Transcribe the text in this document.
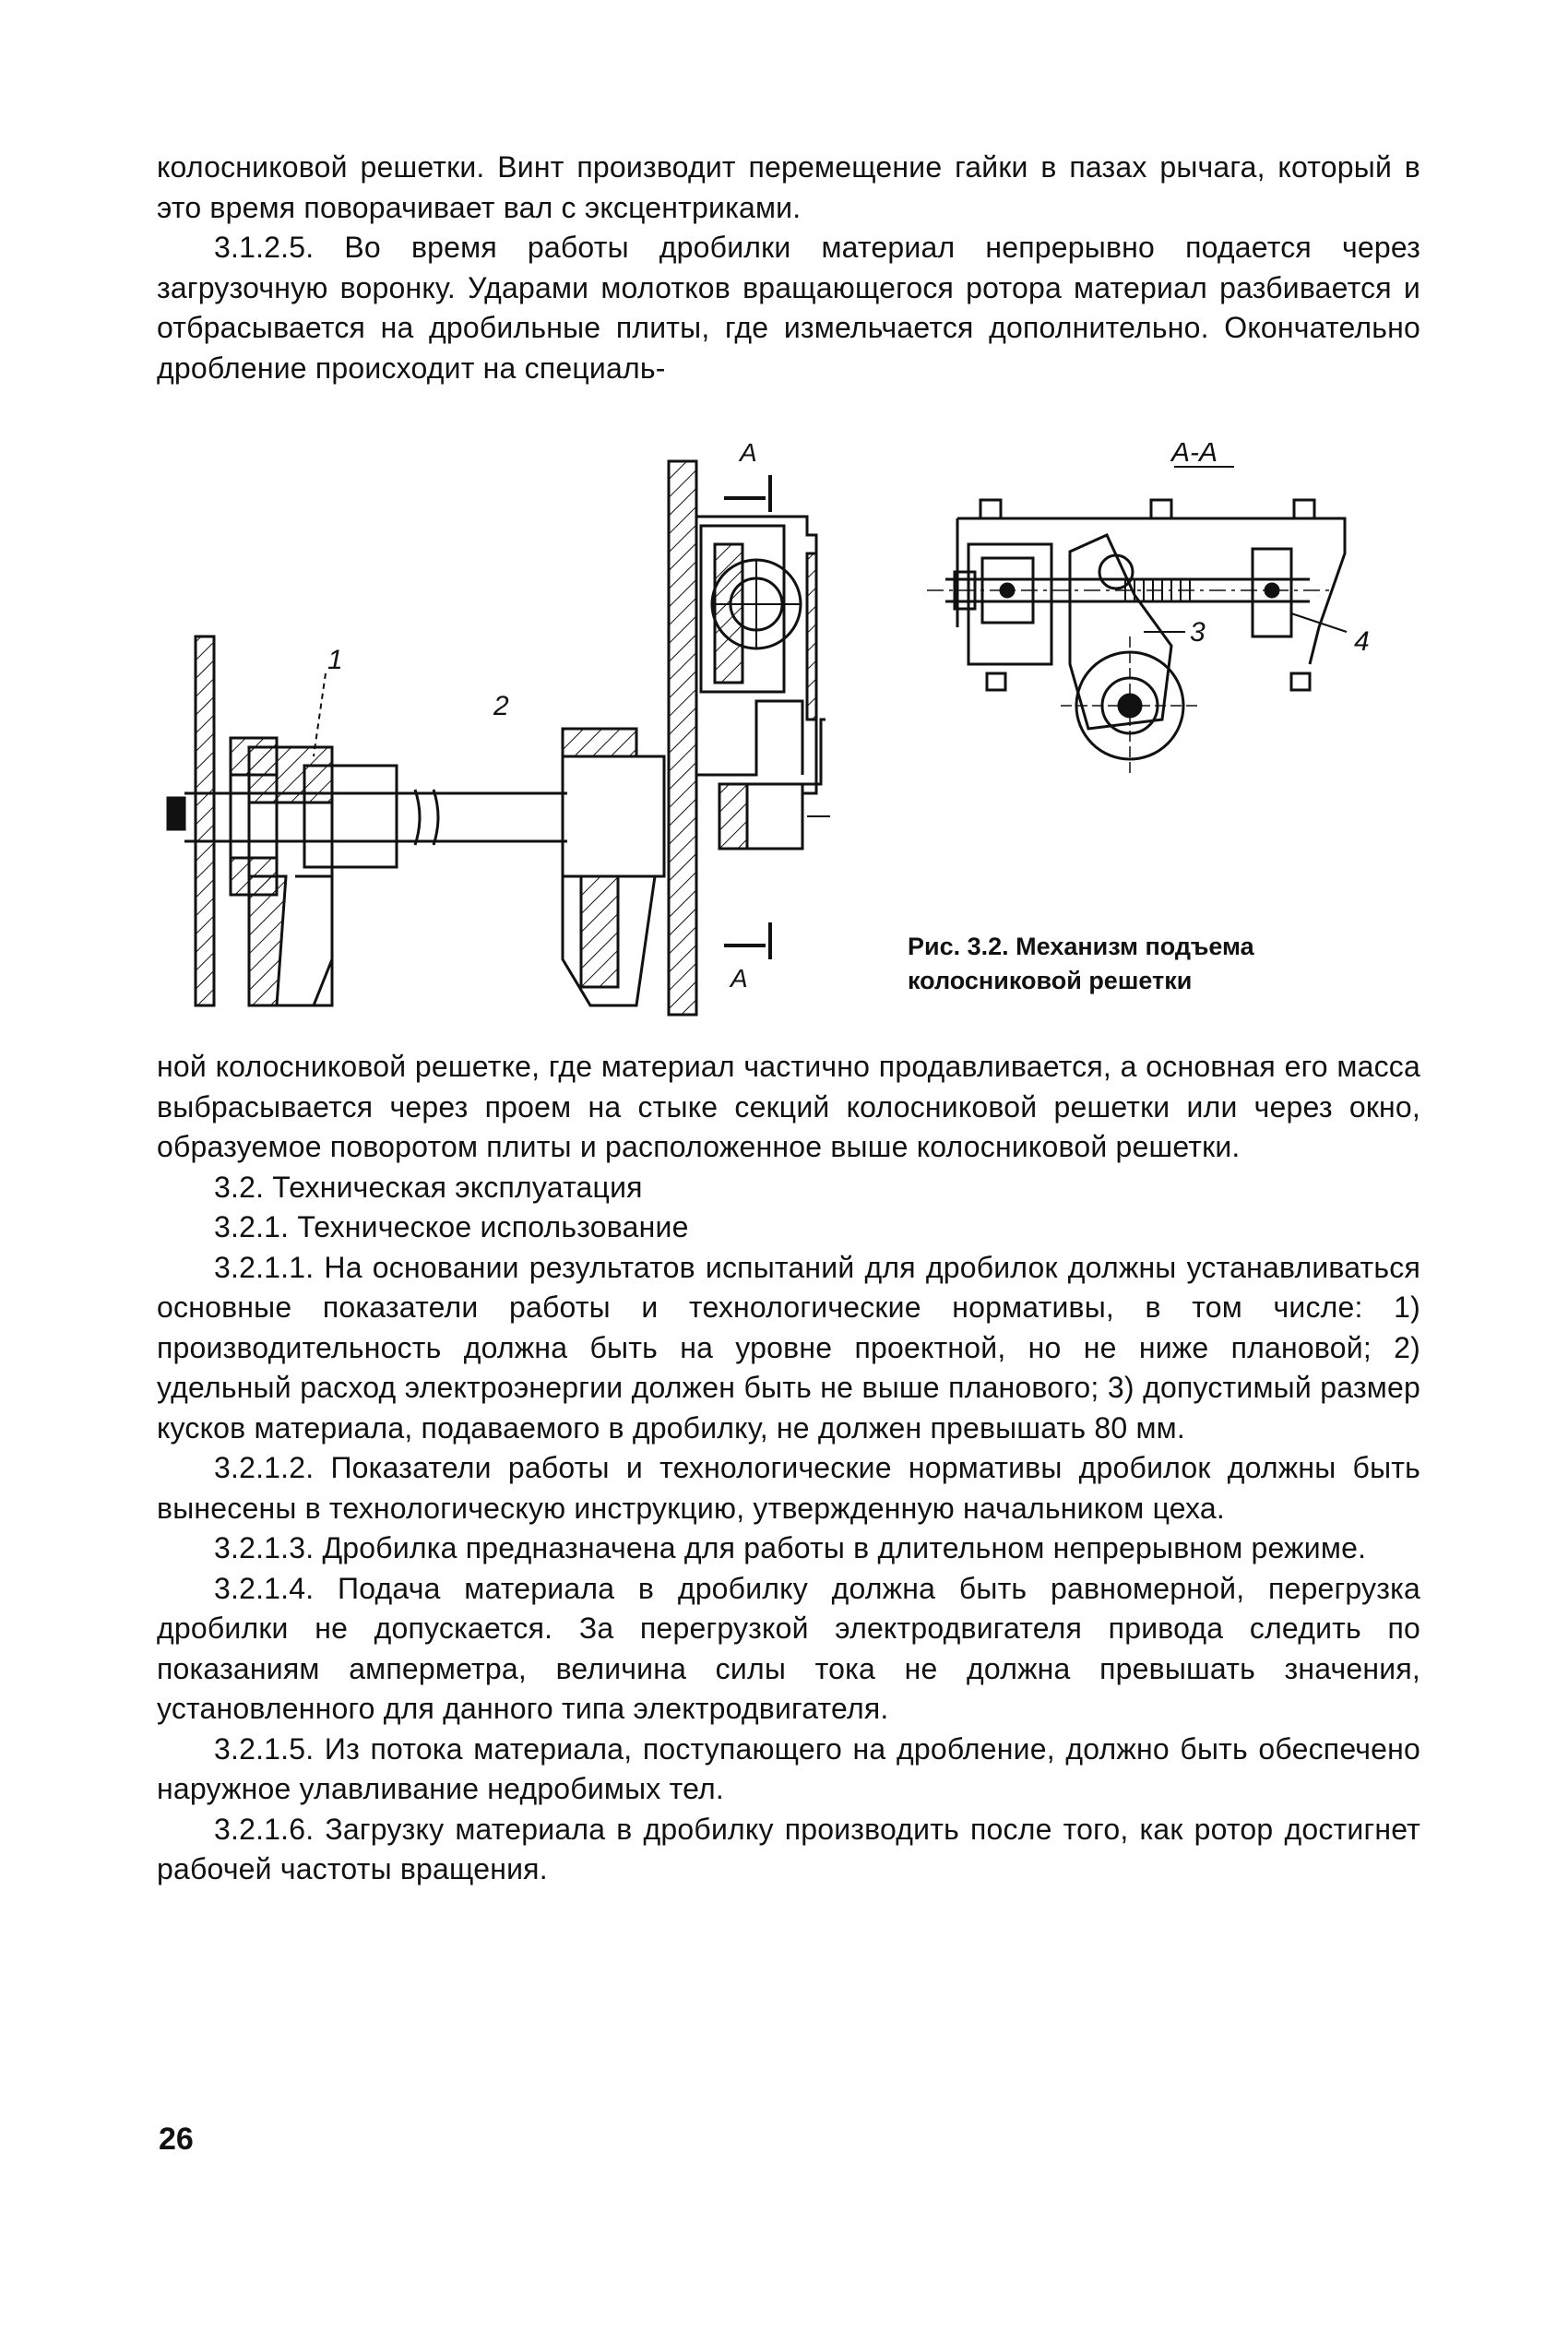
колосниковой решетки. Винт производит перемещение гайки в пазах рычага, который в это время поворачивает вал с эксцентриками.

3.1.2.5. Во время работы дробилки материал непрерывно подается через загрузочную воронку. Ударами молотков вращающегося ротора материал разбивается и отбрасывается на дробильные плиты, где измельчается дополнительно. Окончательно дробление происходит на специаль-

1
2
A
A
A-A
3	4

Рис. 3.2. Механизм подъема колосниковой решетки

ной колосниковой решетке, где материал частично продавливается, а основная его масса выбрасывается через проем на стыке секций колосниковой решетки или через окно, образуемое поворотом плиты и расположенное выше колосниковой решетки.

3.2. Техническая эксплуатация

3.2.1. Техническое использование

3.2.1.1. На основании результатов испытаний для дробилок должны устанавливаться основные показатели работы и технологические нормативы, в том числе: 1) производительность должна быть на уровне проектной, но не ниже плановой; 2) удельный расход электроэнергии должен быть не выше планового; 3) допустимый размер кусков материала, подаваемого в дробилку, не должен превышать 80 мм.

3.2.1.2. Показатели работы и технологические нормативы дробилок должны быть вынесены в технологическую инструкцию, утвержденную начальником цеха.

3.2.1.3. Дробилка предназначена для работы в длительном непрерывном режиме.

3.2.1.4. Подача материала в дробилку должна быть равномерной, перегрузка дробилки не допускается. За перегрузкой электродвигателя привода следить по показаниям амперметра, величина силы тока не должна превышать значения, установленного для данного типа электродвигателя.

3.2.1.5. Из потока материала, поступающего на дробление, должно быть обеспечено наружное улавливание недробимых тел.

3.2.1.6. Загрузку материала в дробилку производить после того, как ротор достигнет рабочей частоты вращения.

26
